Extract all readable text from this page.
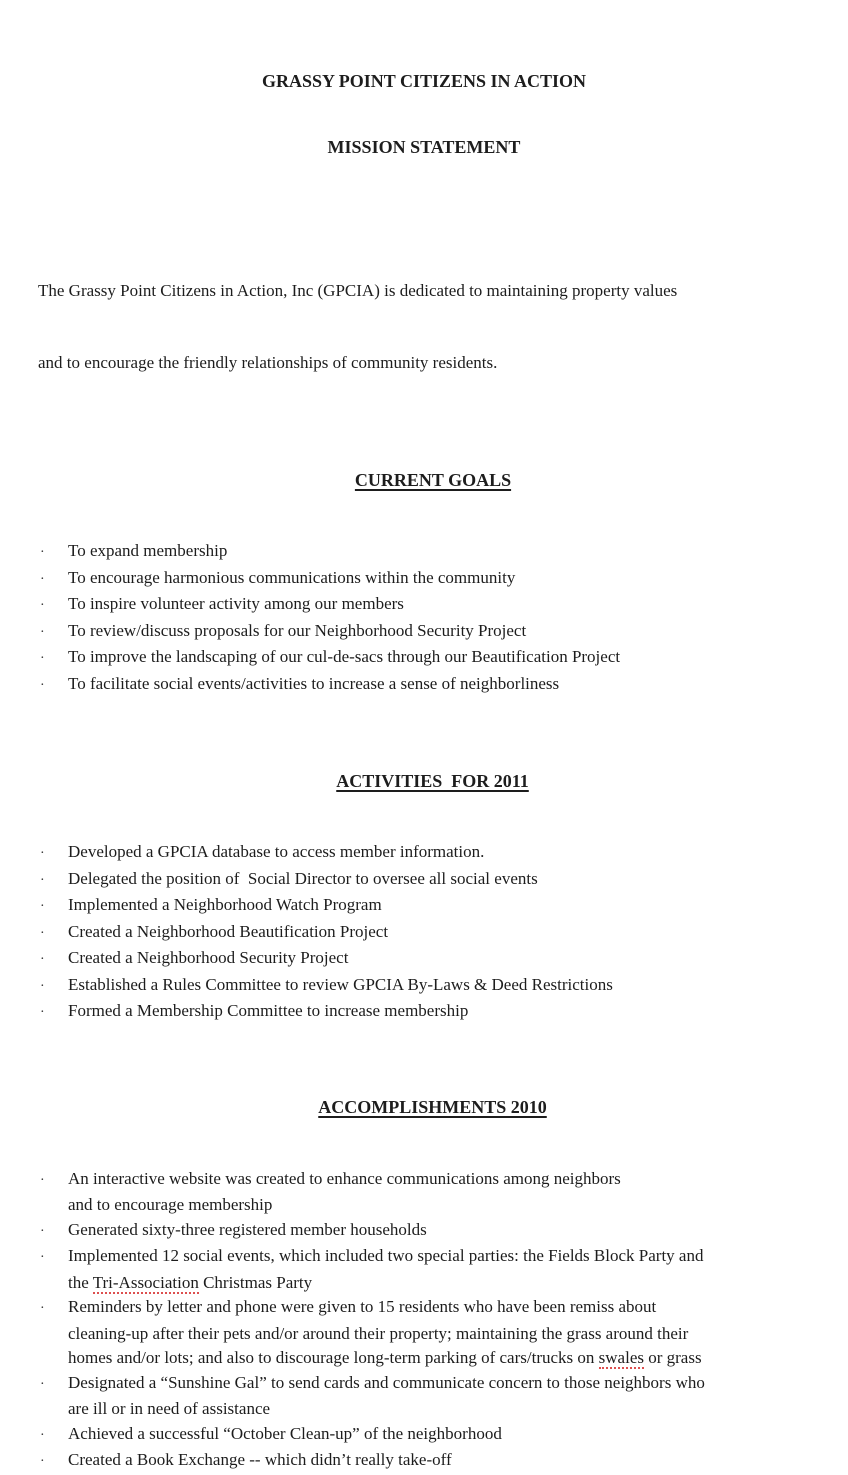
GRASSY POINT CITIZENS IN ACTION

MISSION STATEMENT

The Grassy Point Citizens in Action, Inc (GPCIA) is dedicated to maintaining property values

and to encourage the friendly relationships of community residents.

CURRENT GOALS

·	To expand membership
·	To encourage harmonious communications within the community
·	To inspire volunteer activity among our members
·	To review/discuss proposals for our Neighborhood Security Project
·	To improve the landscaping of our cul-de-sacs through our Beautification Project
·	To facilitate social events/activities to increase a sense of neighborliness

ACTIVITIES  FOR 2011

·	Developed a GPCIA database to access member information.
·	Delegated the position of  Social Director to oversee all social events
·	Implemented a Neighborhood Watch Program
·	Created a Neighborhood Beautification Project
·	Created a Neighborhood Security Project
·	Established a Rules Committee to review GPCIA By-Laws & Deed Restrictions
·	Formed a Membership Committee to increase membership

ACCOMPLISHMENTS 2010

·	An interactive website was created to enhance communications among neighbors
and to encourage membership
·	Generated sixty-three registered member households
·	Implemented 12 social events, which included two special parties: the Fields Block Party and
the Tri-Association Christmas Party
·	Reminders by letter and phone were given to 15 residents who have been remiss about
cleaning-up after their pets and/or around their property; maintaining the grass around their
homes and/or lots; and also to discourage long-term parking of cars/trucks on swales or grass
·	Designated a “Sunshine Gal” to send cards and communicate concern to those neighbors who
are ill or in need of assistance
·	Achieved a successful “October Clean-up” of the neighborhood
·	Created a Book Exchange -- which didn’t really take-off
